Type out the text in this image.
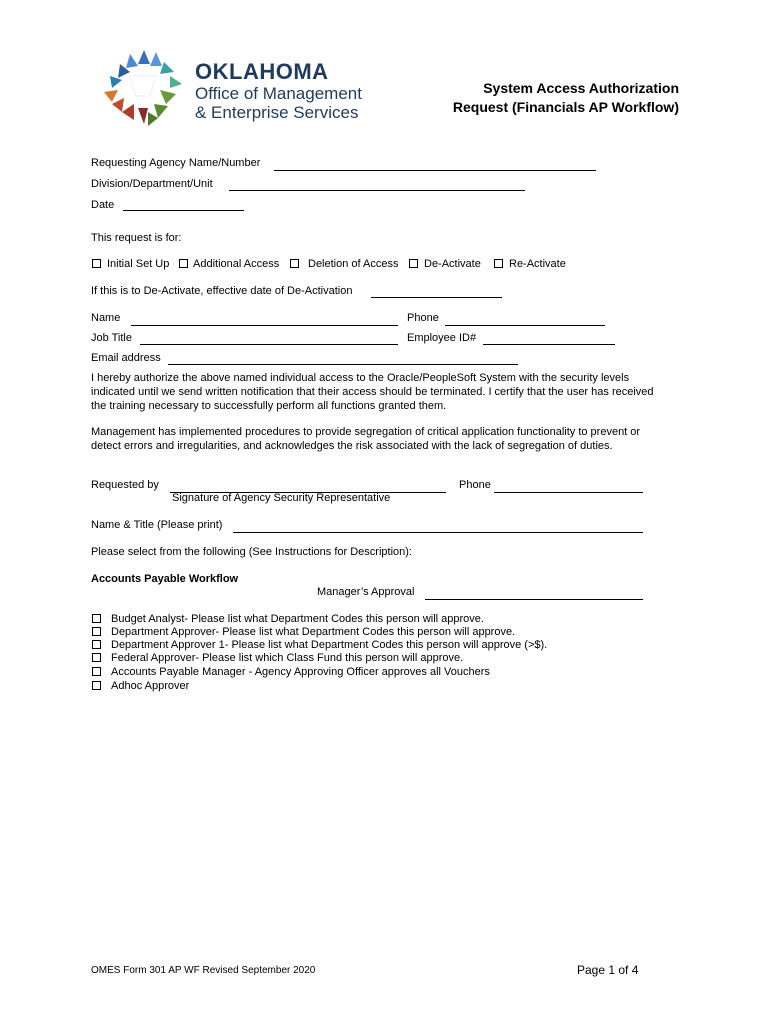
OKLAHOMA
Office of Management
& Enterprise Services
System Access Authorization
Request (Financials AP Workflow)
Requesting Agency Name/Number
Division/Department/Unit
Date
This request is for:
Initial Set Up Additional Access	Deletion of Access De-Activate	Re-Activate
If this is to De-Activate, effective date of De-Activation
Name	Phone
Job Title	Employee ID#
Email address
I hereby authorize the above named individual access to the Oracle/PeopleSoft System with the security levels
indicated until we send written notification that their access should be terminated. I certify that the user has received
the training necessary to successfully perform all functions granted them.
Management has implemented procedures to provide segregation of critical application functionality to prevent or
detect errors and irregularities, and acknowledges the risk associated with the lack of segregation of duties.
Requested by
Signature of Agency Security Representative
Phone
Name & Title (Please print)
Please select from the following (See Instructions for Description):
Accounts Payable Workflow
Manager’s Approval
Budget Analyst- Please list what Department Codes this person will approve.
Department Approver- Please list what Department Codes this person will approve.
Department Approver 1- Please list what Department Codes this person will approve (>$).
Federal Approver- Please list which Class Fund this person will approve.
Accounts Payable Manager - Agency Approving Officer approves all Vouchers
Adhoc Approver
OMES Form 301 AP WF Revised September 2020	Page 1 of 4
